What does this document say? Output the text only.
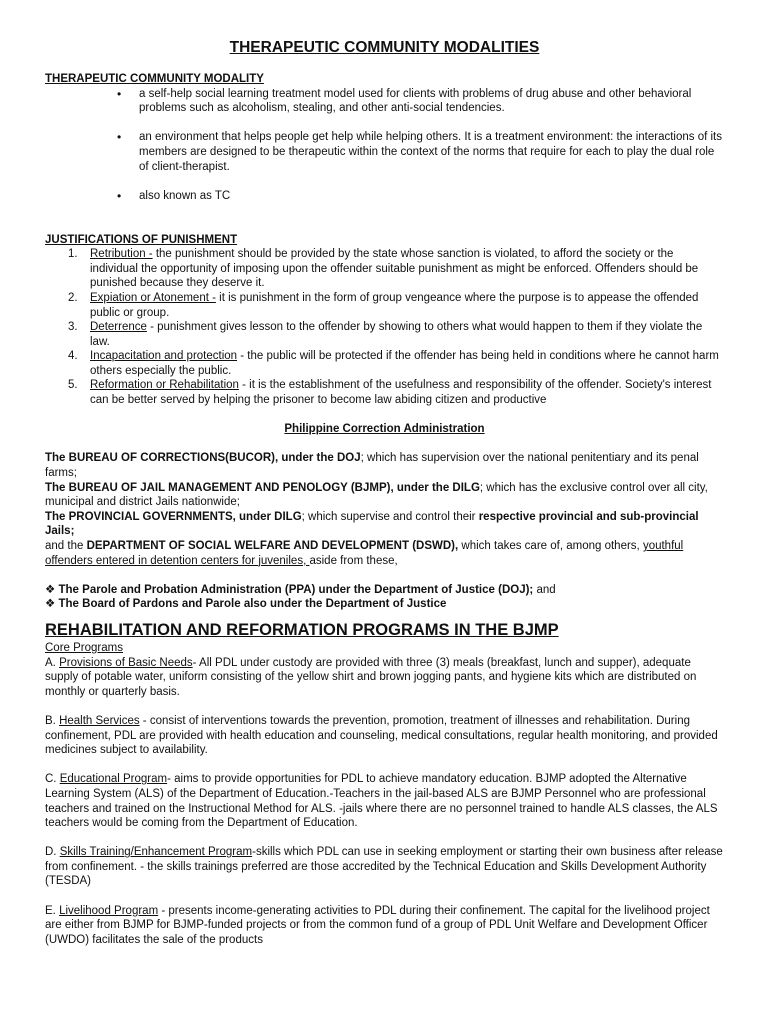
THERAPEUTIC COMMUNITY MODALITIES
THERAPEUTIC COMMUNITY MODALITY
• a self-help social learning treatment model used for clients with problems of drug abuse and other behavioral problems such as alcoholism, stealing, and other anti-social tendencies.
• an environment that helps people get help while helping others. It is a treatment environment: the interactions of its members are designed to be therapeutic within the context of the norms that require for each to play the dual role of client-therapist.
• also known as TC
JUSTIFICATIONS OF PUNISHMENT
1. Retribution - the punishment should be provided by the state whose sanction is violated, to afford the society or the individual the opportunity of imposing upon the offender suitable punishment as might be enforced. Offenders should be punished because they deserve it.
2. Expiation or Atonement - it is punishment in the form of group vengeance where the purpose is to appease the offended public or group.
3. Deterrence - punishment gives lesson to the offender by showing to others what would happen to them if they violate the law.
4. Incapacitation and protection - the public will be protected if the offender has being held in conditions where he cannot harm others especially the public.
5. Reformation or Rehabilitation - it is the establishment of the usefulness and responsibility of the offender. Society's interest can be better served by helping the prisoner to become law abiding citizen and productive
Philippine Correction Administration

The BUREAU OF CORRECTIONS(BUCOR), under the DOJ; which has supervision over the national penitentiary and its penal farms;

The BUREAU OF JAIL MANAGEMENT AND PENOLOGY (BJMP), under the DILG; which has the exclusive control over all city, municipal and district Jails nationwide;

The PROVINCIAL GOVERNMENTS, under DILG; which supervise and control their respective provincial and sub-provincial Jails;

and the DEPARTMENT OF SOCIAL WELFARE AND DEVELOPMENT (DSWD), which takes care of, among others, youthful offenders entered in detention centers for juveniles, aside from these,

❖ The Parole and Probation Administration (PPA) under the Department of Justice (DOJ); and

❖ The Board of Pardons and Parole also under the Department of Justice

REHABILITATION AND REFORMATION PROGRAMS IN THE BJMP

Core Programs

A. Provisions of Basic Needs- All PDL under custody are provided with three (3) meals (breakfast, lunch and supper), adequate supply of potable water, uniform consisting of the yellow shirt and brown jogging pants, and hygiene kits which are distributed on monthly or quarterly basis.

B. Health Services - consist of interventions towards the prevention, promotion, treatment of illnesses and rehabilitation. During confinement, PDL are provided with health education and counseling, medical consultations, regular health monitoring, and provided medicines subject to availability.

C. Educational Program- aims to provide opportunities for PDL to achieve mandatory education. BJMP adopted the Alternative Learning System (ALS) of the Department of Education.-Teachers in the jail-based ALS are BJMP Personnel who are professional teachers and trained on the Instructional Method for ALS. -jails where there are no personnel trained to handle ALS classes, the ALS teachers would be coming from the Department of Education.

D. Skills Training/Enhancement Program-skills which PDL can use in seeking employment or starting their own business after release from confinement. - the skills trainings preferred are those accredited by the Technical Education and Skills Development Authority (TESDA)

E. Livelihood Program - presents income-generating activities to PDL during their confinement. The capital for the livelihood project are either from BJMP for BJMP-funded projects or from the common fund of a group of PDL Unit Welfare and Development Officer (UWDO) facilitates the sale of the products
